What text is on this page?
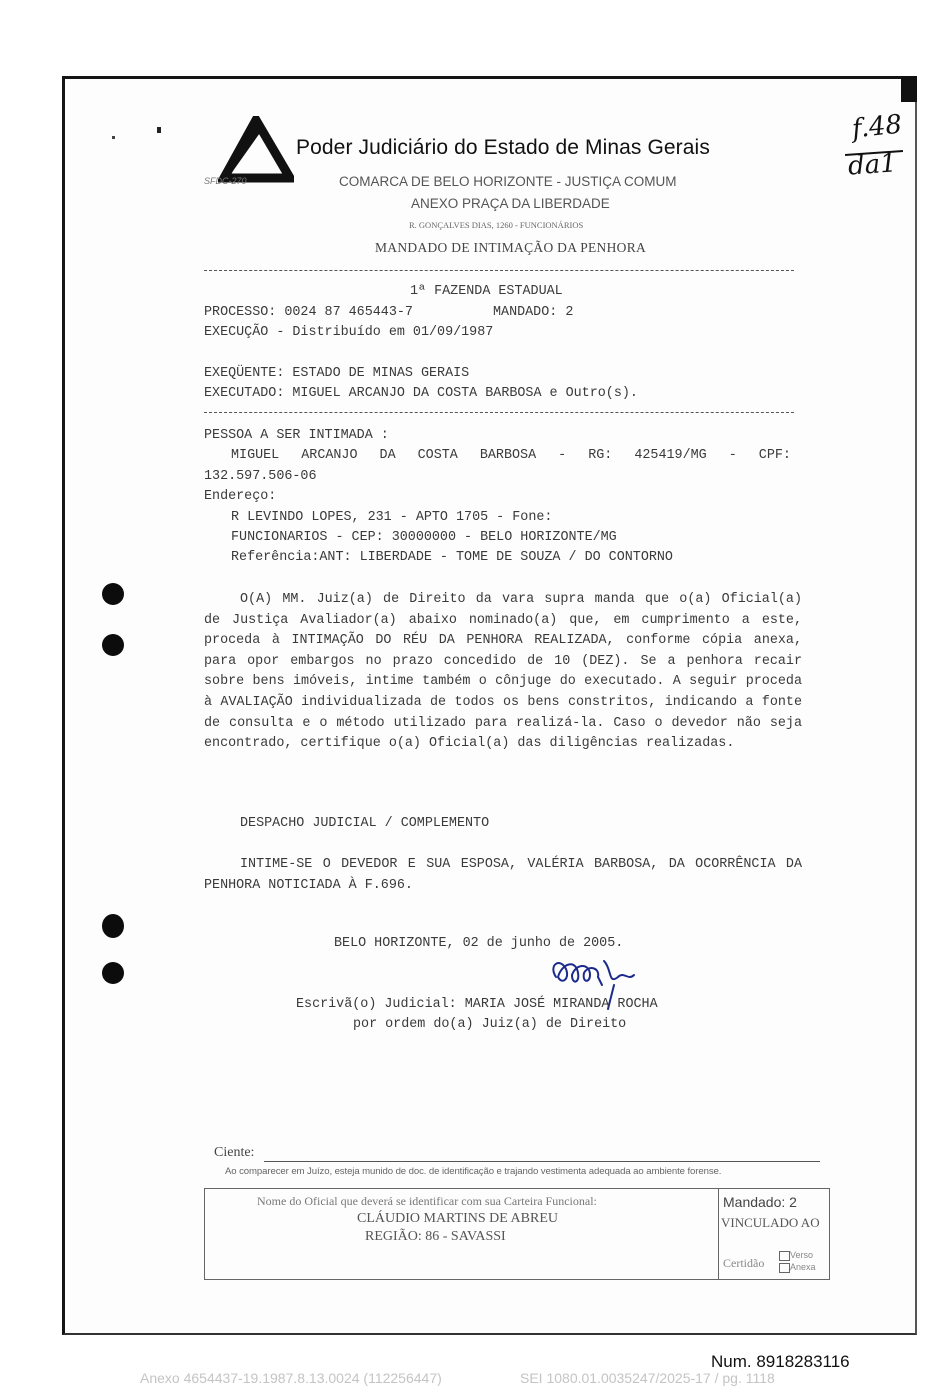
SFDC-270
Poder Judiciário do Estado de Minas Gerais
COMARCA DE BELO HORIZONTE - JUSTIÇA COMUM
ANEXO PRAÇA DA LIBERDADE
R. GONÇALVES DIAS, 1260 - FUNCIONÁRIOS
MANDADO DE INTIMAÇÃO DA PENHORA
f.48
da1
1ª FAZENDA ESTADUAL
PROCESSO: 0024 87 465443-7	MANDADO: 2
EXECUÇÃO - Distribuído em 01/09/1987
EXEQÜENTE: ESTADO DE MINAS GERAIS
EXECUTADO: MIGUEL ARCANJO DA COSTA BARBOSA e Outro(s).
PESSOA A SER INTIMADA :
MIGUEL ARCANJO DA COSTA BARBOSA - RG: 425419/MG - CPF:
132.597.506-06
Endereço:
R LEVINDO LOPES, 231 - APTO 1705 - Fone:
FUNCIONARIOS - CEP: 30000000 - BELO HORIZONTE/MG
Referência:ANT: LIBERDADE - TOME DE SOUZA / DO CONTORNO
O(A) MM. Juiz(a) de Direito da vara supra manda que o(a) Oficial(a) de Justiça Avaliador(a) abaixo nominado(a) que, em cumprimento a este, proceda à INTIMAÇÃO DO RÉU DA PENHORA REALIZADA, conforme cópia anexa, para opor embargos no prazo concedido de 10 (DEZ). Se a penhora recair sobre bens imóveis, intime também o cônjuge do executado. A seguir proceda à AVALIAÇÃO individualizada de todos os bens constritos, indicando a fonte de consulta e o método utilizado para realizá-la. Caso o devedor não seja encontrado, certifique o(a) Oficial(a) das diligências realizadas.
DESPACHO JUDICIAL / COMPLEMENTO
INTIME-SE O DEVEDOR E SUA ESPOSA, VALÉRIA BARBOSA, DA OCORRÊNCIA DA PENHORA NOTICIADA À F.696.
BELO HORIZONTE, 02 de junho de 2005.
Escrivã(o) Judicial: MARIA JOSÉ MIRANDA ROCHA
por ordem do(a) Juiz(a) de Direito
Ciente:
Ao comparecer em Juízo, esteja munido de doc. de identificação e trajando vestimenta adequada ao ambiente forense.
Nome do Oficial que deverá se identificar com sua Carteira Funcional:
CLÁUDIO MARTINS DE ABREU
REGIÃO: 86 - SAVASSI
Mandado: 2
VINCULADO AO
Certidão
Verso
Anexa
Num. 8918283116
Anexo 4654437-19.1987.8.13.0024 (112256447)	SEI 1080.01.0035247/2025-17 / pg. 1118
